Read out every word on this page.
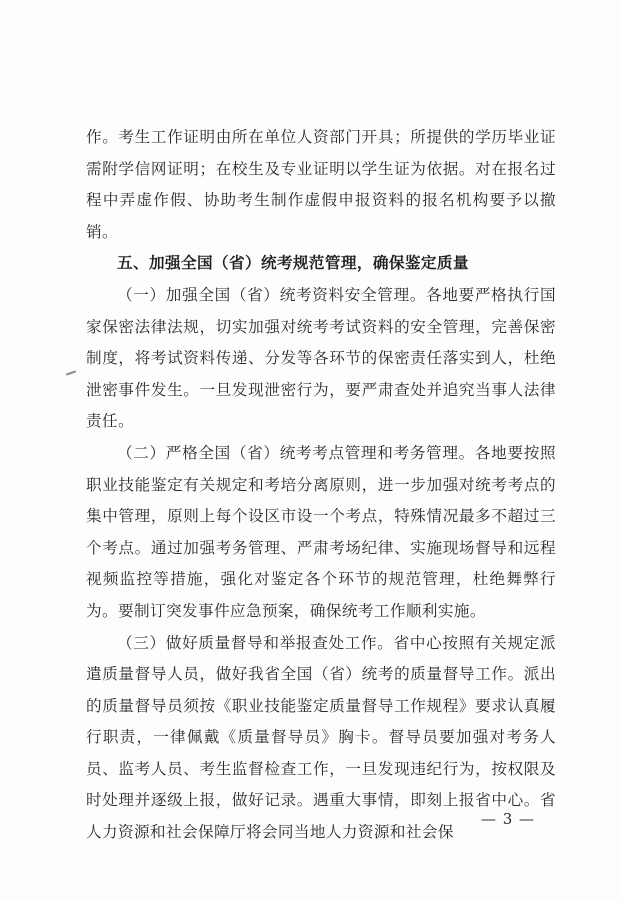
作。考生工作证明由所在单位人资部门开具；所提供的学历毕业证需附学信网证明；在校生及专业证明以学生证为依据。对在报名过程中弄虚作假、协助考生制作虚假申报资料的报名机构要予以撤销。

五、加强全国（省）统考规范管理，确保鉴定质量

（一）加强全国（省）统考资料安全管理。各地要严格执行国家保密法律法规，切实加强对统考考试资料的安全管理，完善保密制度，将考试资料传递、分发等各环节的保密责任落实到人，杜绝泄密事件发生。一旦发现泄密行为，要严肃查处并追究当事人法律责任。

（二）严格全国（省）统考考点管理和考务管理。各地要按照职业技能鉴定有关规定和考培分离原则，进一步加强对统考考点的集中管理，原则上每个设区市设一个考点，特殊情况最多不超过三个考点。通过加强考务管理、严肃考场纪律、实施现场督导和远程视频监控等措施，强化对鉴定各个环节的规范管理，杜绝舞弊行为。要制订突发事件应急预案，确保统考工作顺利实施。

（三）做好质量督导和举报查处工作。省中心按照有关规定派遣质量督导人员，做好我省全国（省）统考的质量督导工作。派出的质量督导员须按《职业技能鉴定质量督导工作规程》要求认真履行职责，一律佩戴《质量督导员》胸卡。督导员要加强对考务人员、监考人员、考生监督检查工作，一旦发现违纪行为，按权限及时处理并逐级上报，做好记录。遇重大事情，即刻上报省中心。省人力资源和社会保障厅将会同当地人力资源和社会保

— 3 —
